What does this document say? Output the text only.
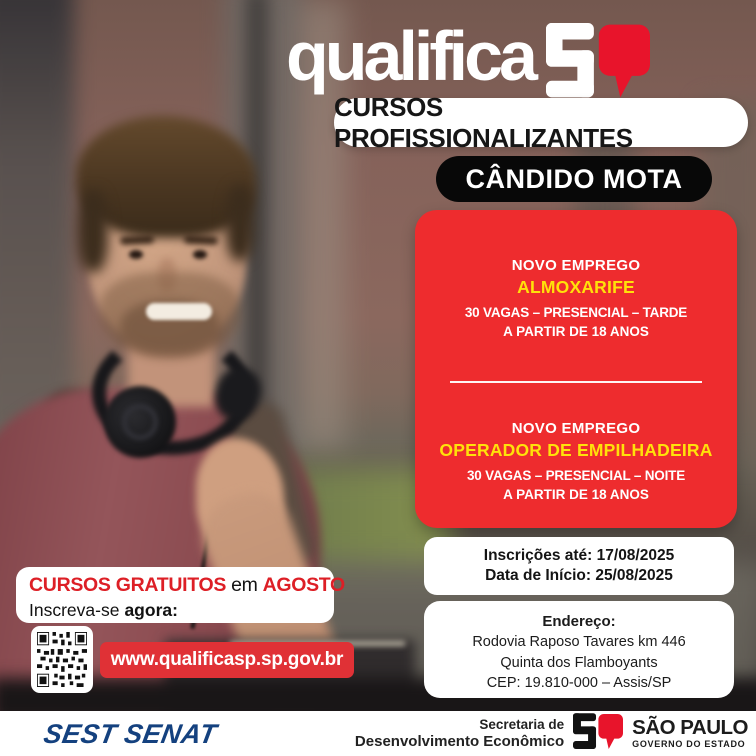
qualifica
CURSOS PROFISSIONALIZANTES
CÂNDIDO MOTA
NOVO EMPREGO
ALMOXARIFE
30 VAGAS – PRESENCIAL – TARDE
A PARTIR DE 18 ANOS
NOVO EMPREGO
OPERADOR DE EMPILHADEIRA
30 VAGAS – PRESENCIAL – NOITE
A PARTIR DE 18 ANOS
Inscrições até: 17/08/2025
Data de Início: 25/08/2025
Endereço:
Rodovia Raposo Tavares km 446
Quinta dos Flamboyants
CEP: 19.810-000 – Assis/SP
CURSOS GRATUITOS em AGOSTO
Inscreva-se agora:
www.qualificasp.sp.gov.br
SEST SENAT	Secretaria de
Desenvolvimento Econômico
SÃO PAULO
GOVERNO DO ESTADO
